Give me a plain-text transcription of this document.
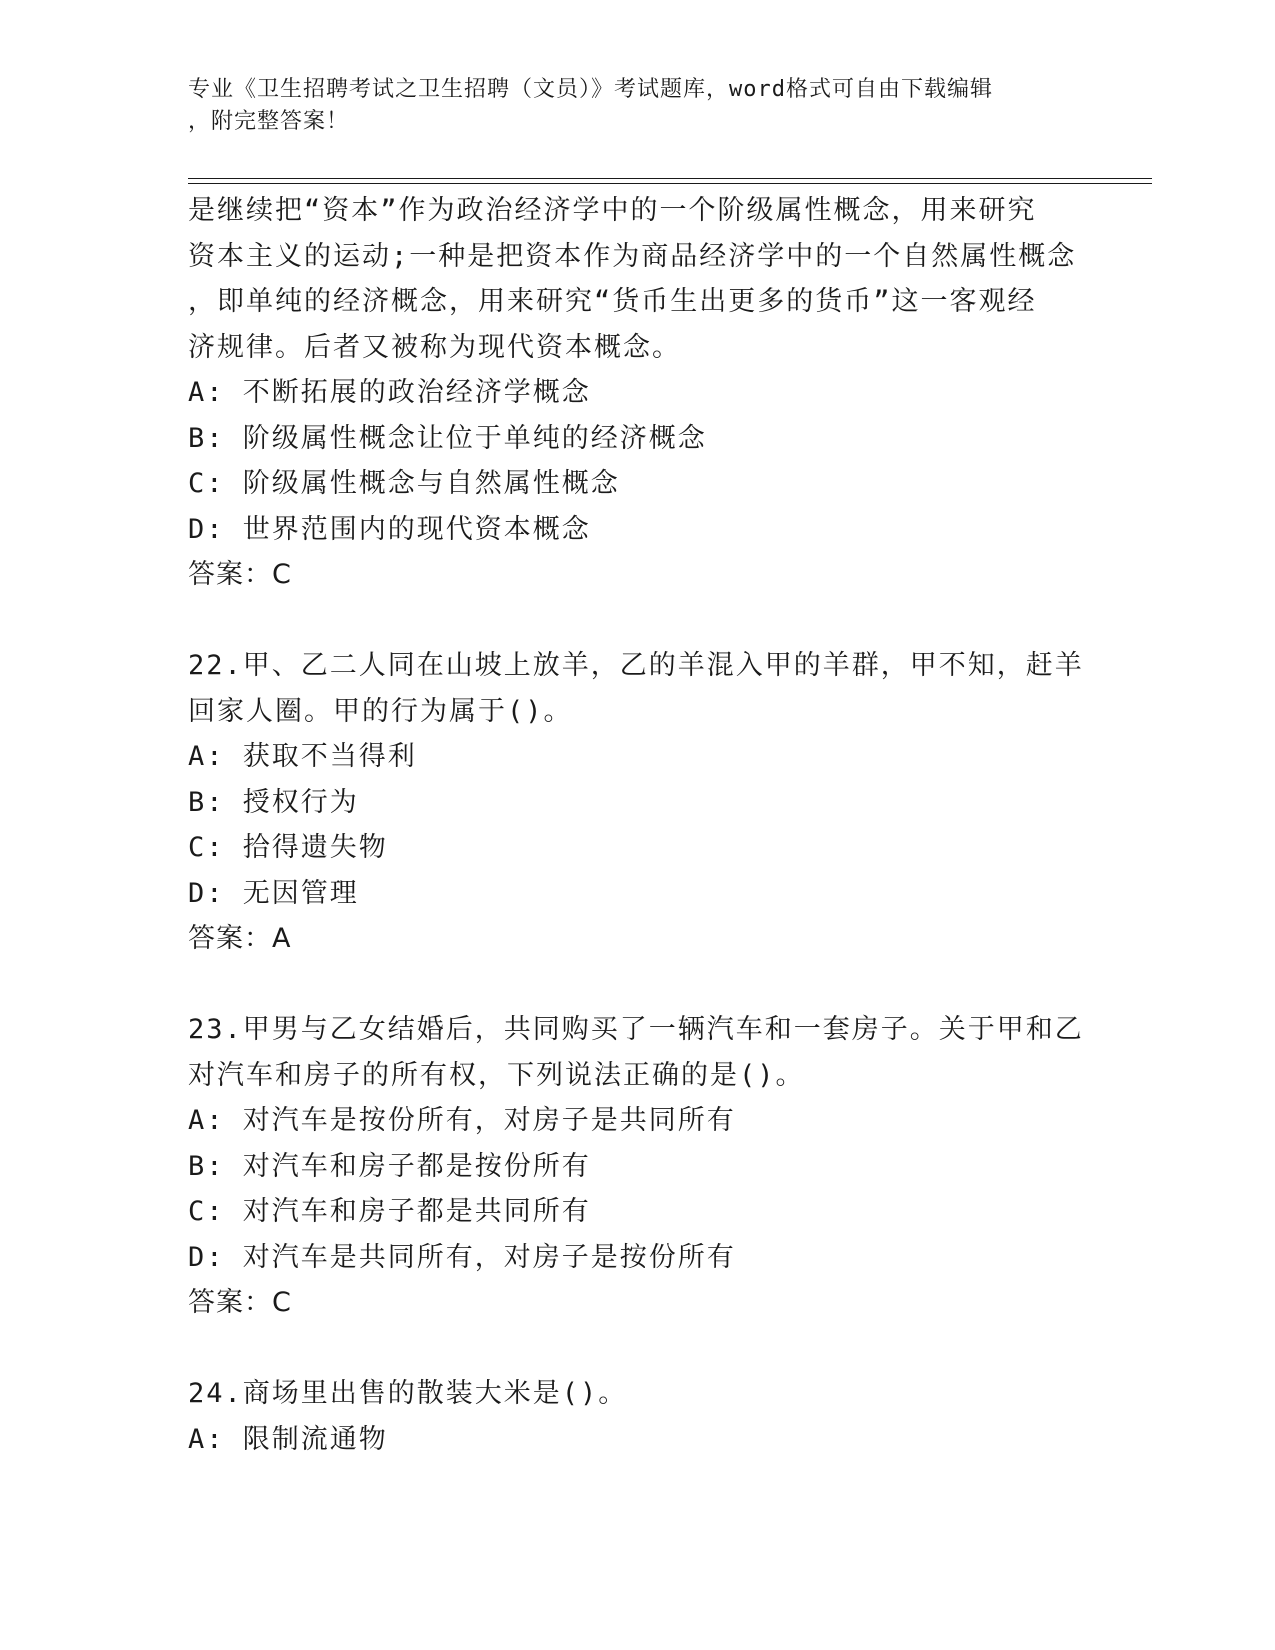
专业《卫生招聘考试之卫生招聘（文员）》考试题库，word格式可自由下载编辑
，附完整答案！
是继续把“资本”作为政治经济学中的一个阶级属性概念，用来研究
资本主义的运动;一种是把资本作为商品经济学中的一个自然属性概念
，即单纯的经济概念，用来研究“货币生出更多的货币”这一客观经
济规律。后者又被称为现代资本概念。
A: 不断拓展的政治经济学概念
B: 阶级属性概念让位于单纯的经济概念
C: 阶级属性概念与自然属性概念
D: 世界范围内的现代资本概念
答案：C
22.甲、乙二人同在山坡上放羊，乙的羊混入甲的羊群，甲不知，赶羊
回家人圈。甲的行为属于()。
A: 获取不当得利
B: 授权行为
C: 拾得遗失物
D: 无因管理
答案：A
23.甲男与乙女结婚后，共同购买了一辆汽车和一套房子。关于甲和乙
对汽车和房子的所有权，下列说法正确的是()。
A: 对汽车是按份所有，对房子是共同所有
B: 对汽车和房子都是按份所有
C: 对汽车和房子都是共同所有
D: 对汽车是共同所有，对房子是按份所有
答案：C
24.商场里出售的散装大米是()。
A: 限制流通物
